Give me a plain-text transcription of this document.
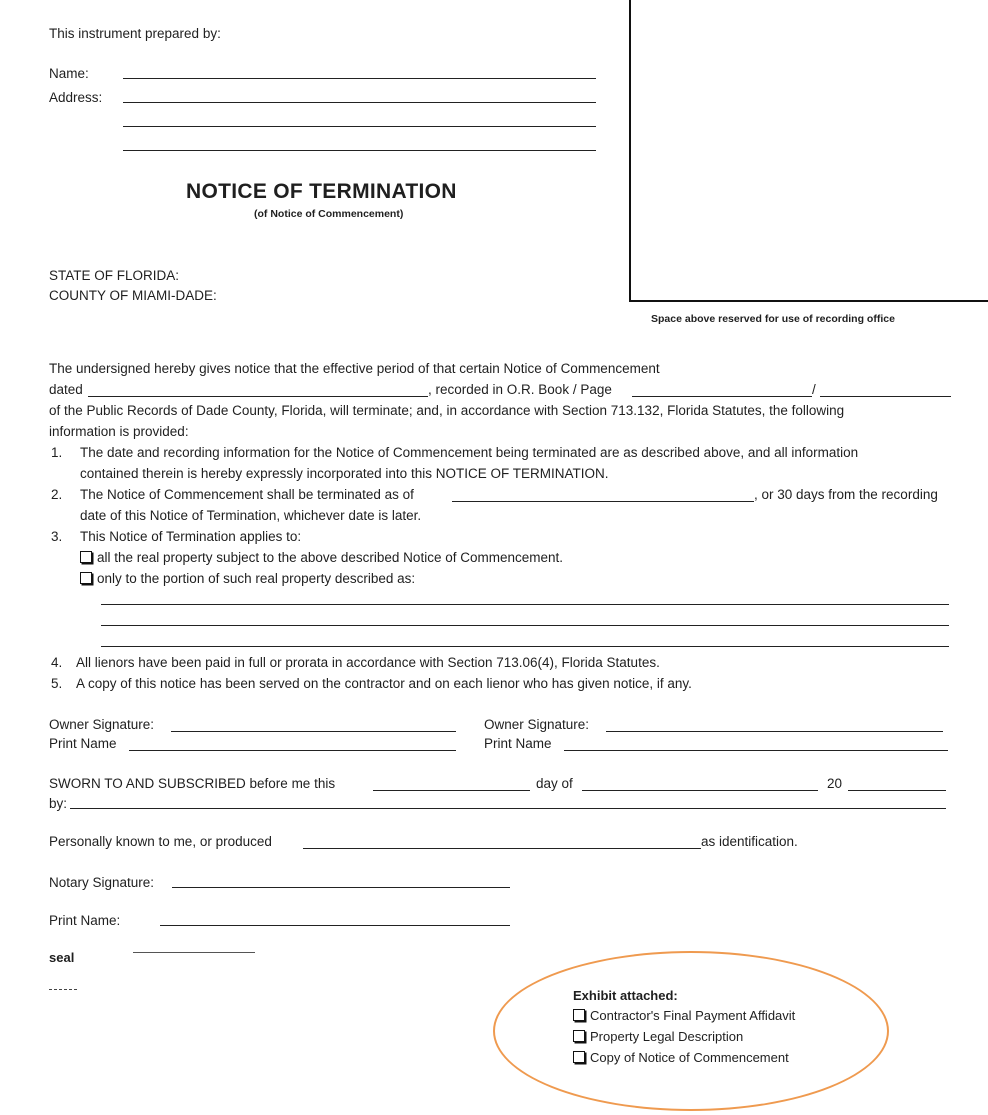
Space above reserved for use of recording office
This instrument prepared by:
Name:
Address:
NOTICE OF TERMINATION
(of Notice of Commencement)
STATE OF FLORIDA:
COUNTY OF MIAMI-DADE:
The undersigned hereby gives notice that the effective period of that certain Notice of Commencement
dated	, recorded in O.R. Book / Page	/
of the Public Records of Dade County, Florida, will terminate; and, in accordance with Section 713.132, Florida Statutes, the following
information is provided:
1. The date and recording information for the Notice of Commencement being terminated are as described above, and all information
contained therein is hereby expressly incorporated into this NOTICE OF TERMINATION.
2. The Notice of Commencement shall be terminated as of	, or 30 days from the recording
date of this Notice of Termination, whichever date is later.
3. This Notice of Termination applies to:
all the real property subject to the above described Notice of Commencement.
only to the portion of such real property described as:
4. All lienors have been paid in full or prorata in accordance with Section 713.06(4), Florida Statutes.
5. A copy of this notice has been served on the contractor and on each lienor who has given notice, if any.
Owner Signature:
Print Name
Owner Signature:
Print Name
SWORN TO AND SUBSCRIBED before me this	day of	20
by:
Personally known to me, or produced	as identification.
Notary Signature:
Print Name:
seal
Exhibit attached:
Contractor's Final Payment Affidavit
Property Legal Description
Copy of Notice of Commencement
